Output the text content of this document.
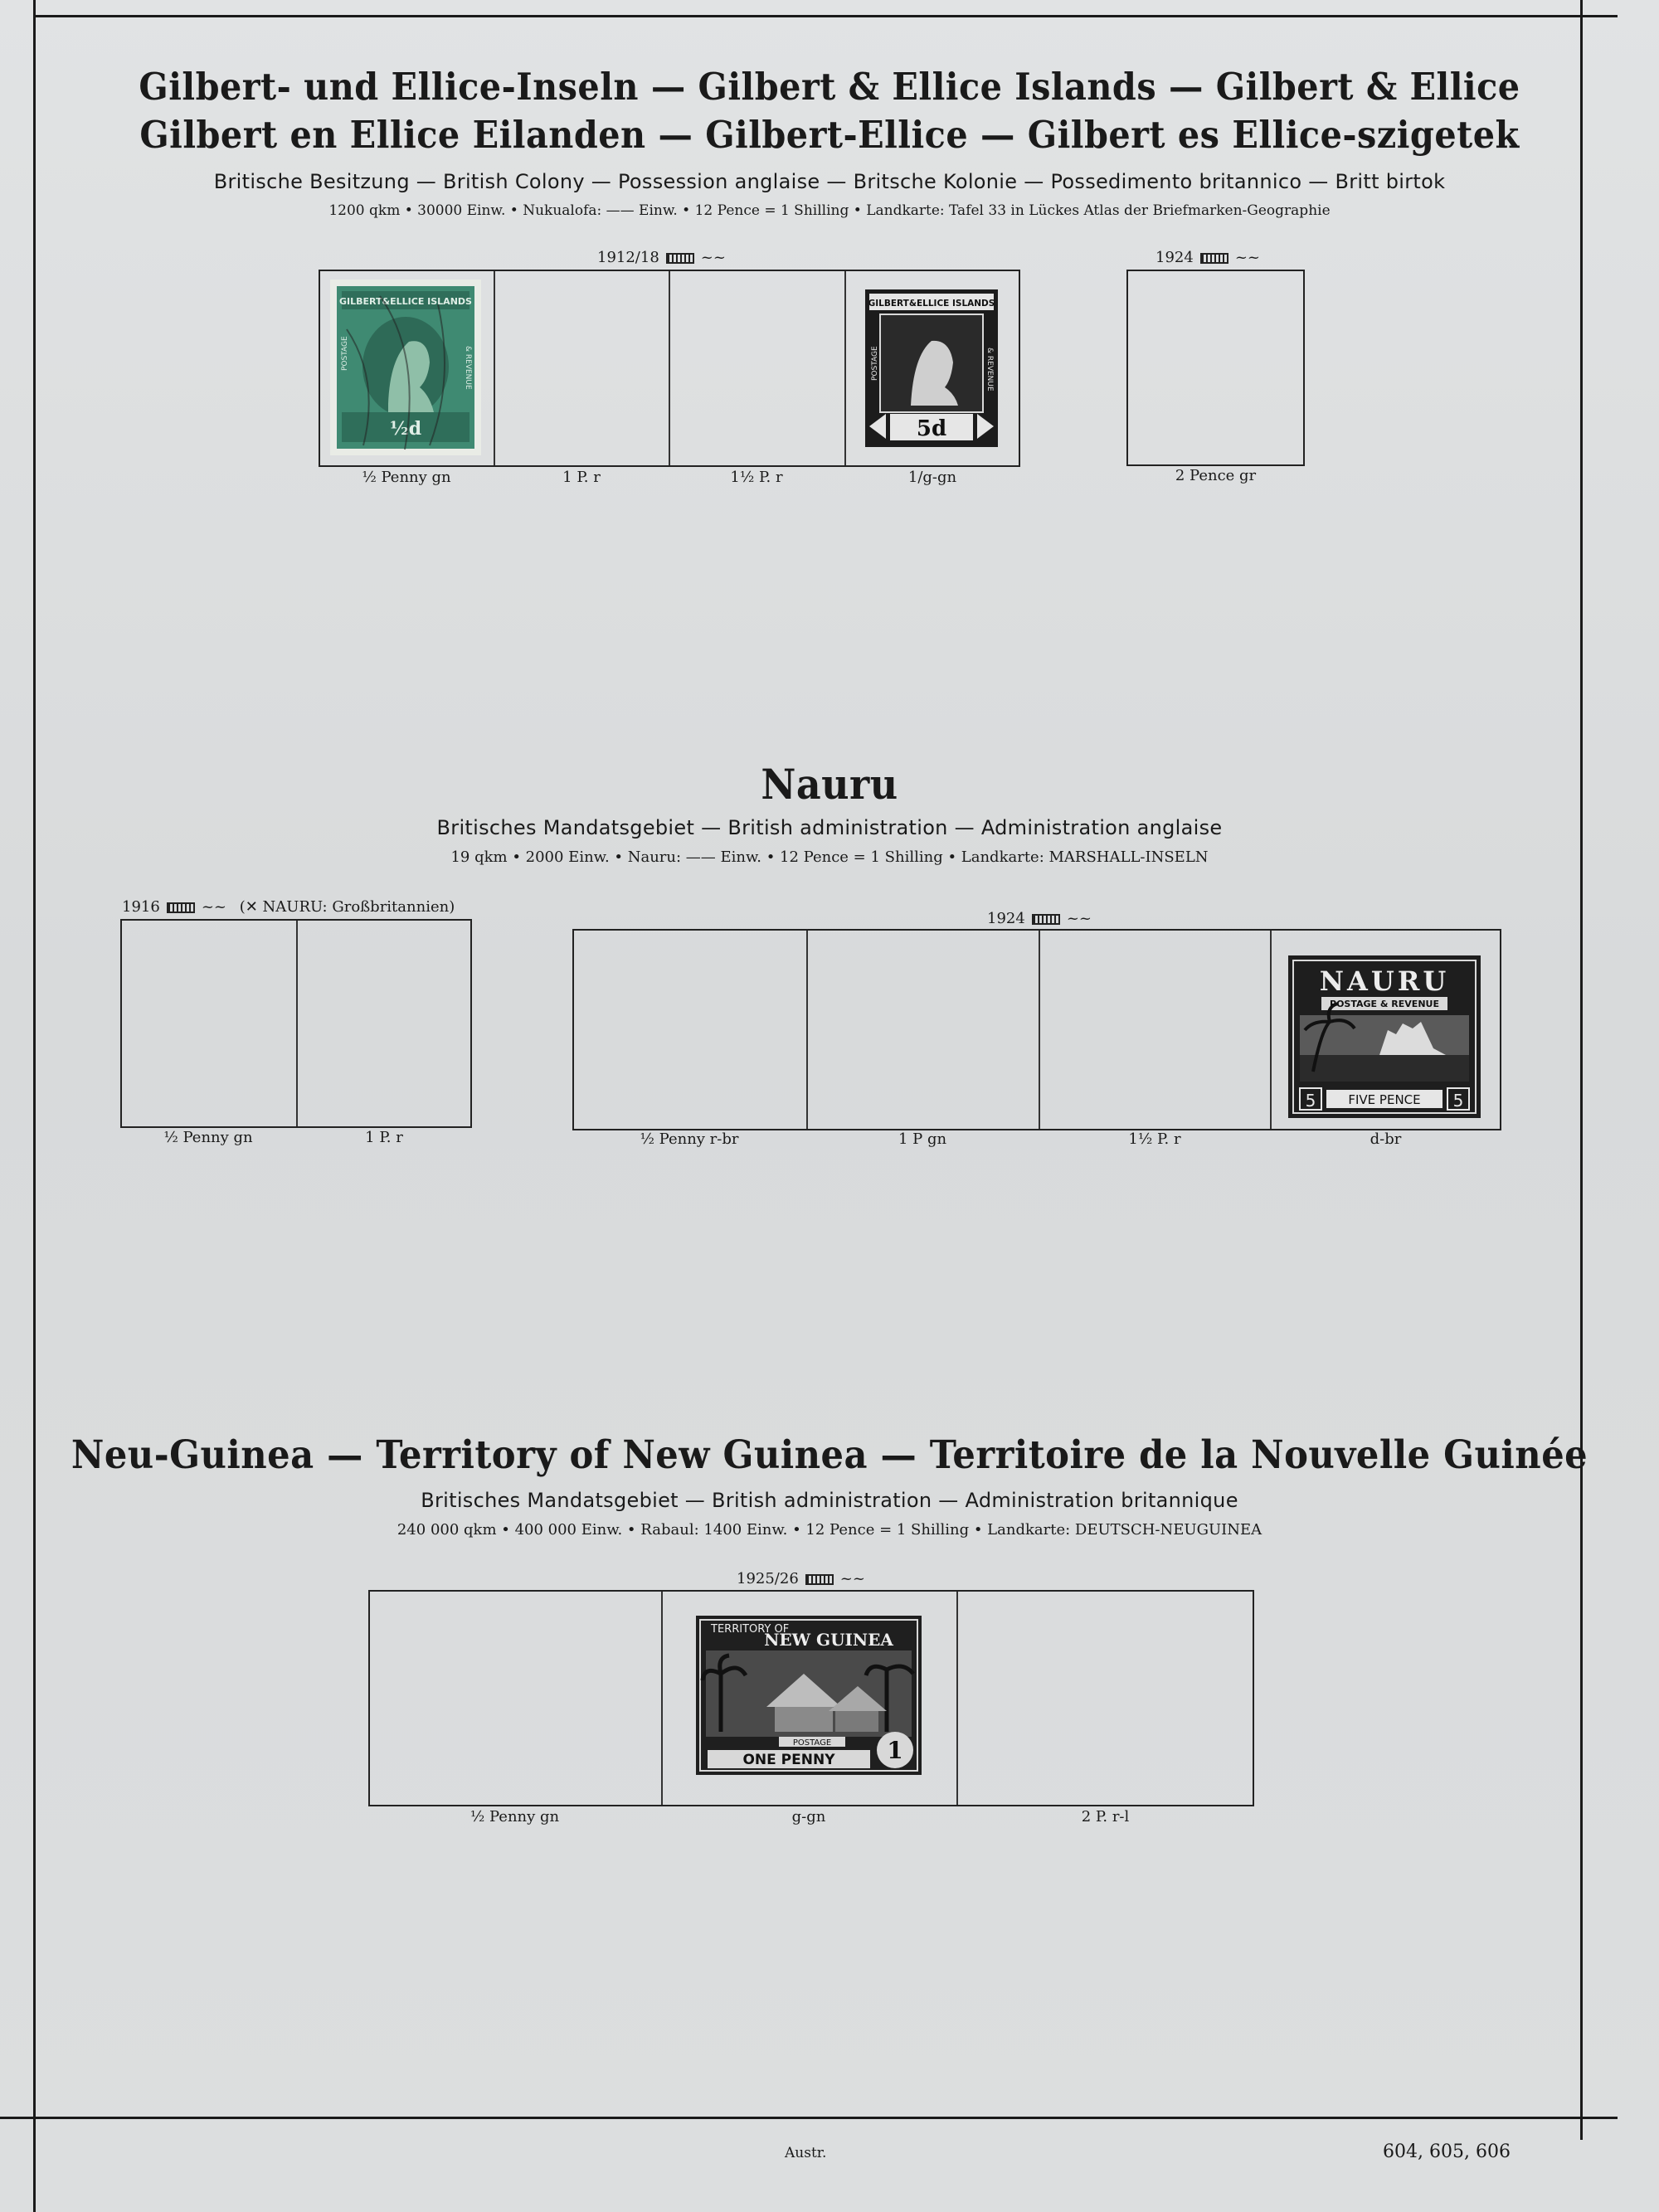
Gilbert- und Ellice-Inseln — Gilbert & Ellice Islands — Gilbert & Ellice
Gilbert en Ellice Eilanden — Gilbert-Ellice — Gilbert es Ellice-szigetek
Britische Besitzung — British Colony — Possession anglaise — Britsche Kolonie — Possedimento britannico — Britt birtok
1200 qkm • 30000 Einw. • Nukualofa: —— Einw. • 12 Pence = 1 Shilling • Landkarte: Tafel 33 in Lückes Atlas der Briefmarken-Geographie
1912/18	~~
GILBERT&ELLICE ISLANDS
½d
POSTAGE	& REVENUE
GILBERT&ELLICE ISLANDS
5d
POSTAGE	& REVENUE
½ Penny gn	1 P. r	1½ P. r	1/g-gn
1924	~~
2 Pence gr
Nauru
Britisches Mandatsgebiet — British administration — Administration anglaise
19 qkm • 2000 Einw. • Nauru: —— Einw. • 12 Pence = 1 Shilling • Landkarte: MARSHALL-INSELN
1916	~~ (✕ NAURU: Großbritannien)
½ Penny gn	1 P. r
1924	~~
NAURU
POSTAGE & REVENUE
5	5
FIVE PENCE
½ Penny r-br	1 P gn	1½ P. r	d-br
Neu-Guinea — Territory of New Guinea — Territoire de la Nouvelle Guinée
Britisches Mandatsgebiet — British administration — Administration britannique
240 000 qkm • 400 000 Einw. • Rabaul: 1400 Einw. • 12 Pence = 1 Shilling • Landkarte: DEUTSCH-NEUGUINEA
1925/26	~~
TERRITORY OF
NEW GUINEA
POSTAGE
ONE PENNY 1
½ Penny gn	g-gn	2 P. r-l
Austr.	604, 605, 606
